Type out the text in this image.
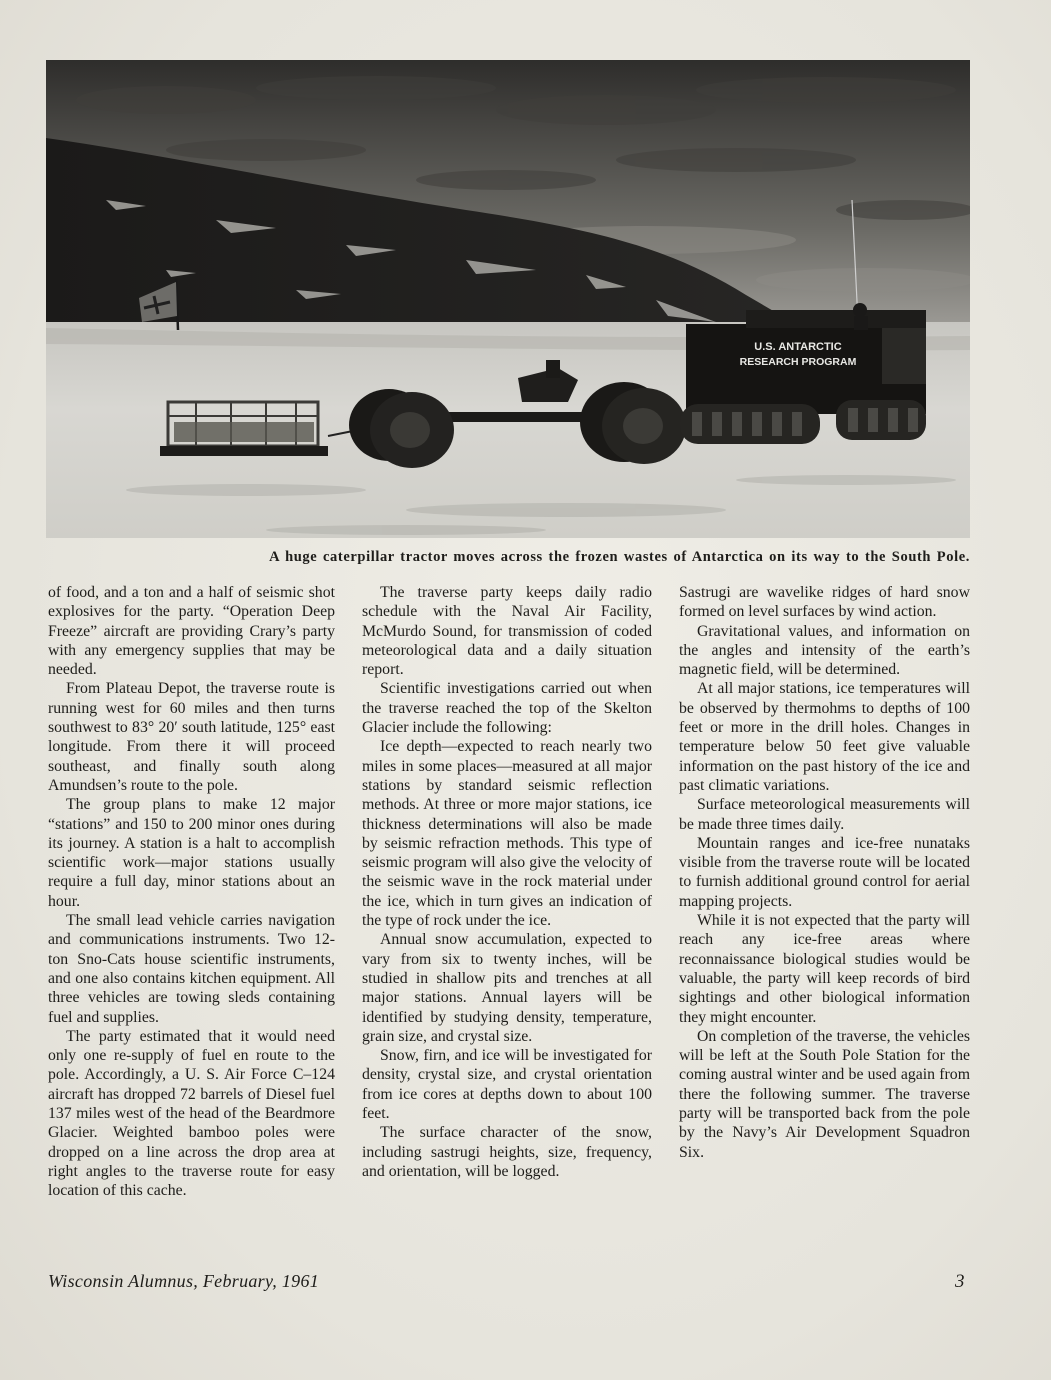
U.S. ANTARCTIC
RESEARCH PROGRAM
A huge caterpillar tractor moves across the frozen wastes of Antarctica on its way to the South Pole.

of food, and a ton and a half of seismic shot explosives for the party. “Operation Deep Freeze” aircraft are providing Crary’s party with any emergency supplies that may be needed.

From Plateau Depot, the traverse route is running west for 60 miles and then turns southwest to 83° 20′ south latitude, 125° east longitude. From there it will proceed southeast, and finally south along Amundsen’s route to the pole.

The group plans to make 12 major “stations” and 150 to 200 minor ones during its journey. A station is a halt to accomplish scientific work—major stations usually require a full day, minor stations about an hour.

The small lead vehicle carries navigation and communications instruments. Two 12-ton Sno-Cats house scientific instruments, and one also contains kitchen equipment. All three vehicles are towing sleds containing fuel and supplies.

The party estimated that it would need only one re-supply of fuel en route to the pole. Accordingly, a U. S. Air Force C–124 aircraft has dropped 72 barrels of Diesel fuel 137 miles west of the head of the Beardmore Glacier. Weighted bamboo poles were dropped on a line across the drop area at right angles to the traverse route for easy location of this cache.

The traverse party keeps daily radio schedule with the Naval Air Facility, McMurdo Sound, for transmission of coded meteorological data and a daily situation report.

Scientific investigations carried out when the traverse reached the top of the Skelton Glacier include the following:

Ice depth—expected to reach nearly two miles in some places—measured at all major stations by standard seismic reflection methods. At three or more major stations, ice thickness determinations will also be made by seismic refraction methods. This type of seismic program will also give the velocity of the seismic wave in the rock material under the ice, which in turn gives an indication of the type of rock under the ice.

Annual snow accumulation, expected to vary from six to twenty inches, will be studied in shallow pits and trenches at all major stations. Annual layers will be identified by studying density, temperature, grain size, and crystal size.

Snow, firn, and ice will be investigated for density, crystal size, and crystal orientation from ice cores at depths down to about 100 feet.

The surface character of the snow, including sastrugi heights, size, frequency, and orientation, will be logged.

Sastrugi are wavelike ridges of hard snow formed on level surfaces by wind action.

Gravitational values, and information on the angles and intensity of the earth’s magnetic field, will be determined.

At all major stations, ice temperatures will be observed by thermohms to depths of 100 feet or more in the drill holes. Changes in temperature below 50 feet give valuable information on the past history of the ice and past climatic variations.

Surface meteorological measurements will be made three times daily.

Mountain ranges and ice-free nunataks visible from the traverse route will be located to furnish additional ground control for aerial mapping projects.

While it is not expected that the party will reach any ice-free areas where reconnaissance biological studies would be valuable, the party will keep records of bird sightings and other biological information they might encounter.

On completion of the traverse, the vehicles will be left at the South Pole Station for the coming austral winter and be used again from there the following summer. The traverse party will be transported back from the pole by the Navy’s Air Development Squadron Six.

Wisconsin Alumnus, February, 1961	3
